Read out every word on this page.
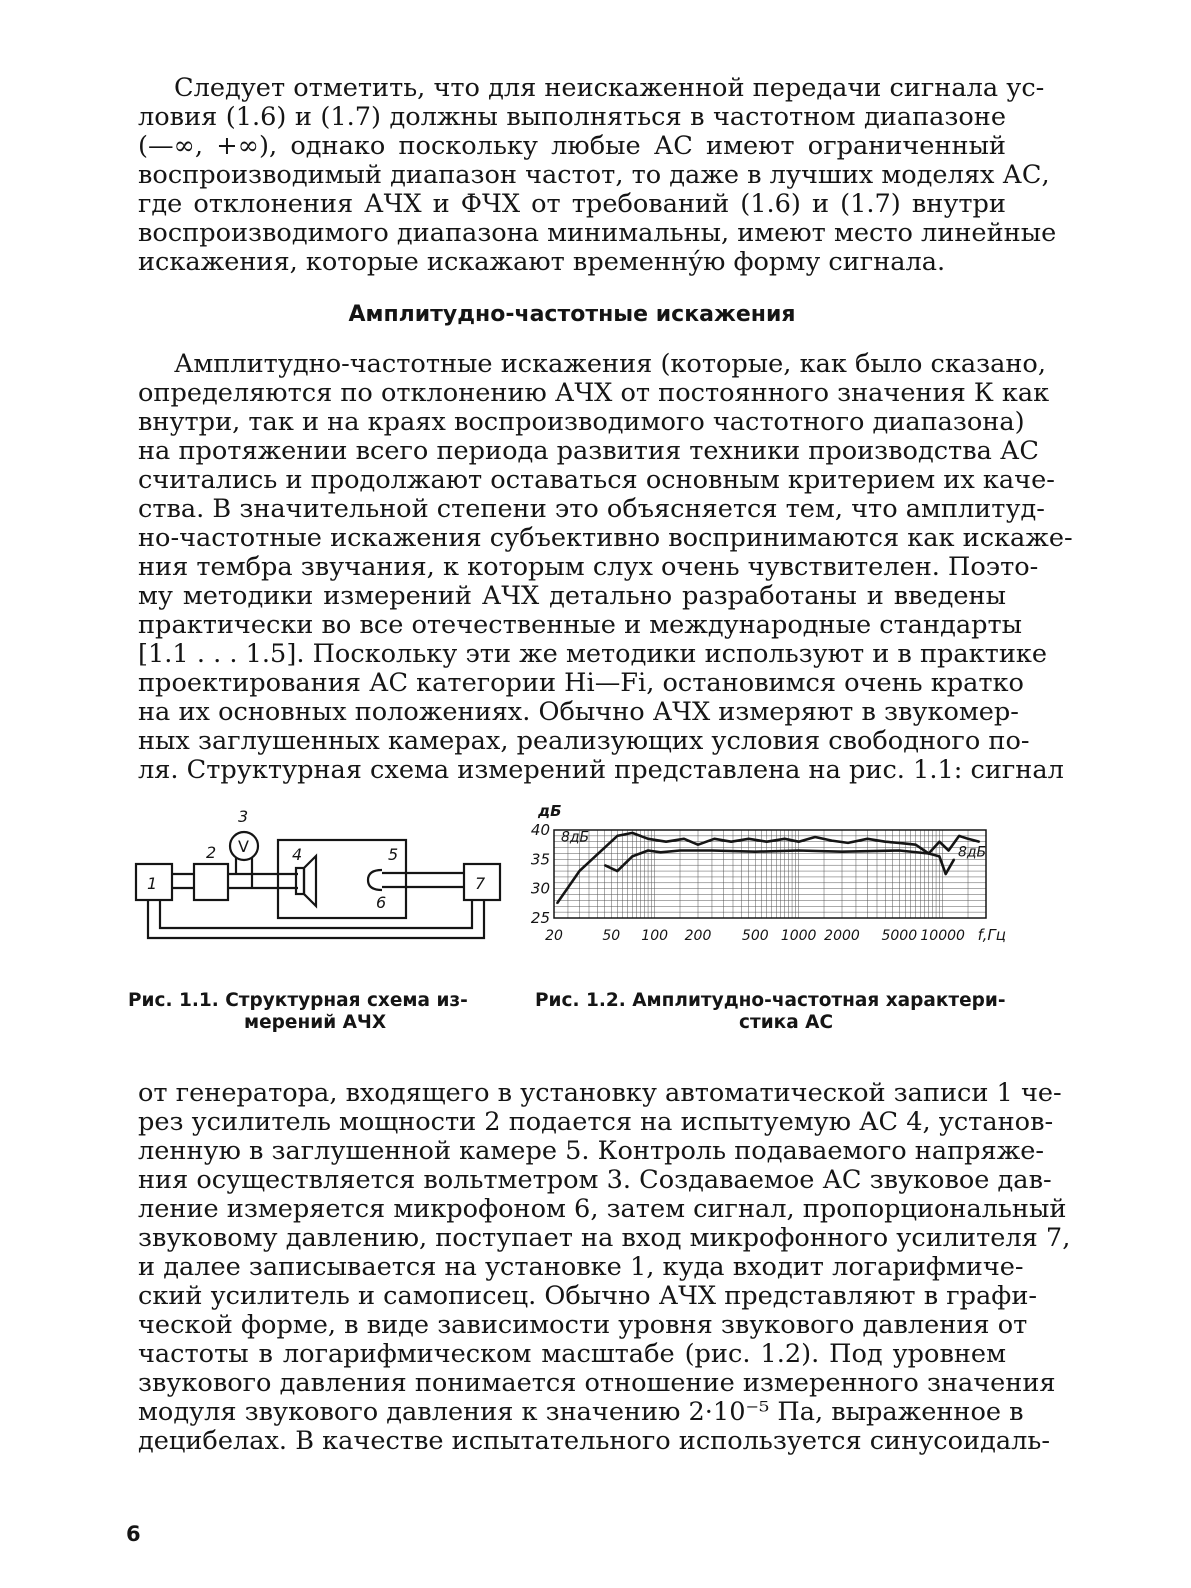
Следует отметить, что для неискаженной передачи сигнала ус-
ловия (1.6) и (1.7) должны выполняться в частотном диапазоне
(—∞, +∞), однако поскольку любые АС имеют ограниченный
воспроизводимый диапазон частот, то даже в лучших моделях АС,
где отклонения АЧХ и ФЧХ от требований (1.6) и (1.7) внутри
воспроизводимого диапазона минимальны, имеют место линейные
искажения, которые искажают временну́ю форму сигнала.
Амплитудно-частотные искажения
Амплитудно-частотные искажения (которые, как было сказано,
определяются по отклонению АЧХ от постоянного значения К как
внутри, так и на краях воспроизводимого частотного диапазона)
на протяжении всего периода развития техники производства АС
считались и продолжают оставаться основным критерием их каче-
ства. В значительной степени это объясняется тем, что амплитуд-
но-частотные искажения субъективно воспринимаются как искаже-
ния тембра звучания, к которым слух очень чувствителен. Поэто-
му методики измерений АЧХ детально разработаны и введены
практически во все отечественные и международные стандарты
[1.1 . . . 1.5]. Поскольку эти же методики используют и в практике
проектирования АС категории Hi—Fi, остановимся очень кратко
на их основных положениях. Обычно АЧХ измеряют в звукомер-
ных заглушенных камерах, реализующих условия свободного по-
ля. Структурная схема измерений представлена на рис. 1.1: сигнал
1
2
3
V	4	5
6
7
25
30
35
40
20	50 100 200 500 1000 2000 5000 10000
дБ
f,Гц
8дБ
8дБ
Рис. 1.1. Структурная схема из-
мерений АЧХ
Рис. 1.2. Амплитудно-частотная характери-
стика АС
от генератора, входящего в установку автоматической записи 1 че-
рез усилитель мощности 2 подается на испытуемую АС 4, установ-
ленную в заглушенной камере 5. Контроль подаваемого напряже-
ния осуществляется вольтметром 3. Создаваемое АС звуковое дав-
ление измеряется микрофоном 6, затем сигнал, пропорциональный
звуковому давлению, поступает на вход микрофонного усилителя 7,
и далее записывается на установке 1, куда входит логарифмиче-
ский усилитель и самописец. Обычно АЧХ представляют в графи-
ческой форме, в виде зависимости уровня звукового давления от
частоты в логарифмическом масштабе (рис. 1.2). Под уровнем
звукового давления понимается отношение измеренного значения
модуля звукового давления к значению 2·10⁻⁵ Па, выраженное в
децибелах. В качестве испытательного используется синусоидаль-
6
